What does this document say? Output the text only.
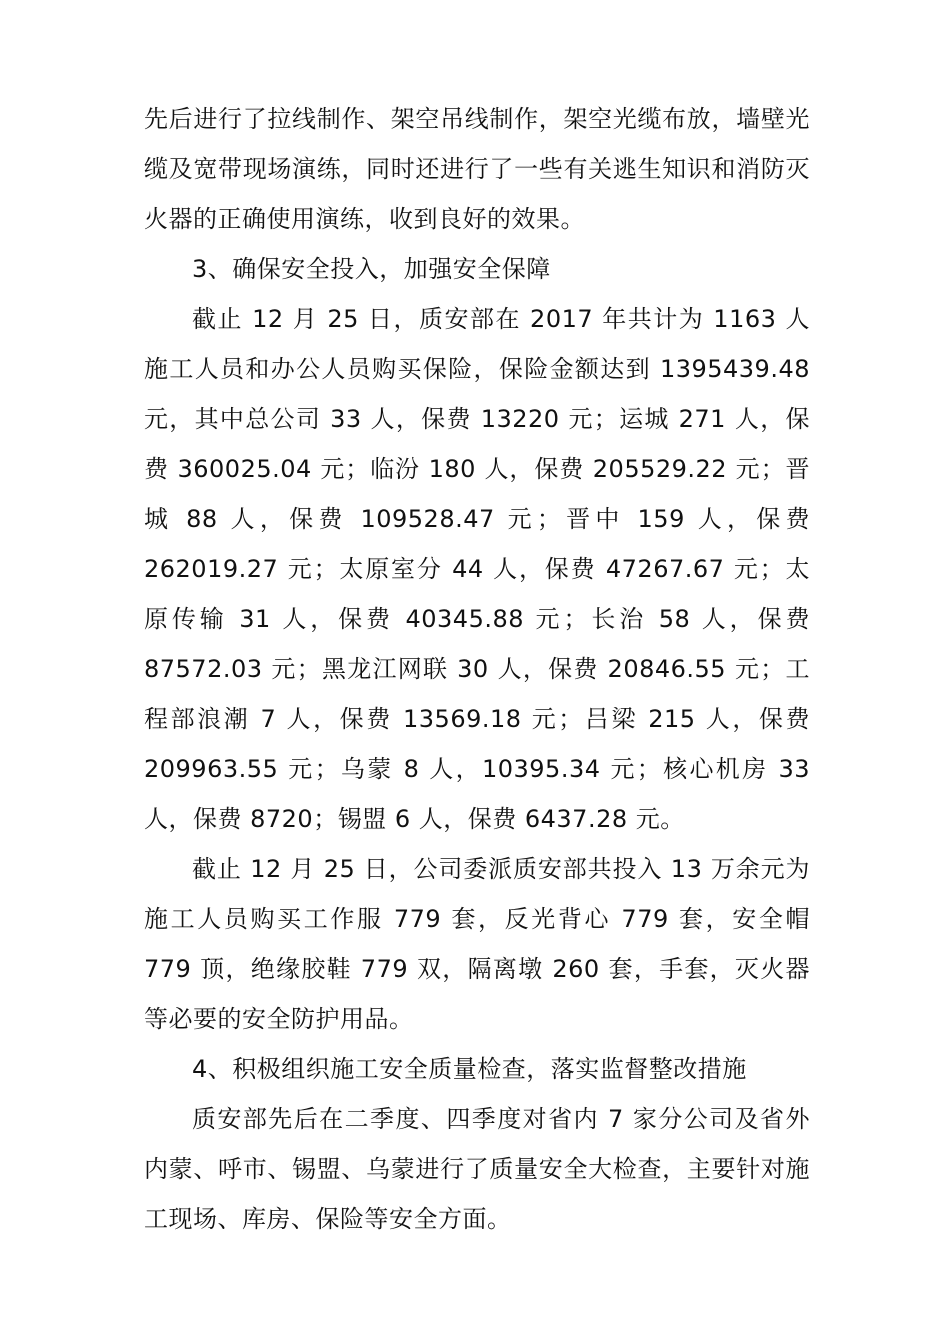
先后进行了拉线制作、架空吊线制作，架空光缆布放，墙壁光缆及宽带现场演练，同时还进行了一些有关逃生知识和消防灭火器的正确使用演练，收到良好的效果。

3、确保安全投入，加强安全保障

截止 12 月 25 日，质安部在 2017 年共计为 1163 人施工人员和办公人员购买保险，保险金额达到 1395439.48 元，其中总公司 33 人，保费 13220 元；运城 271 人，保费 360025.04 元；临汾 180 人，保费 205529.22 元；晋城 88 人，保费 109528.47 元；晋中 159 人，保费 262019.27 元；太原室分 44 人，保费 47267.67 元；太原传输 31 人，保费 40345.88 元；长治 58 人，保费 87572.03 元；黑龙江网联 30 人，保费 20846.55 元；工程部浪潮 7 人，保费 13569.18 元；吕梁 215 人，保费 209963.55 元；乌蒙 8 人，10395.34 元；核心机房 33 人，保费 8720；锡盟 6 人，保费 6437.28 元。

截止 12 月 25 日，公司委派质安部共投入 13 万余元为施工人员购买工作服 779 套，反光背心 779 套，安全帽 779 顶，绝缘胶鞋 779 双，隔离墩 260 套，手套，灭火器等必要的安全防护用品。

4、积极组织施工安全质量检查，落实监督整改措施

质安部先后在二季度、四季度对省内 7 家分公司及省外内蒙、呼市、锡盟、乌蒙进行了质量安全大检查，主要针对施工现场、库房、保险等安全方面。
